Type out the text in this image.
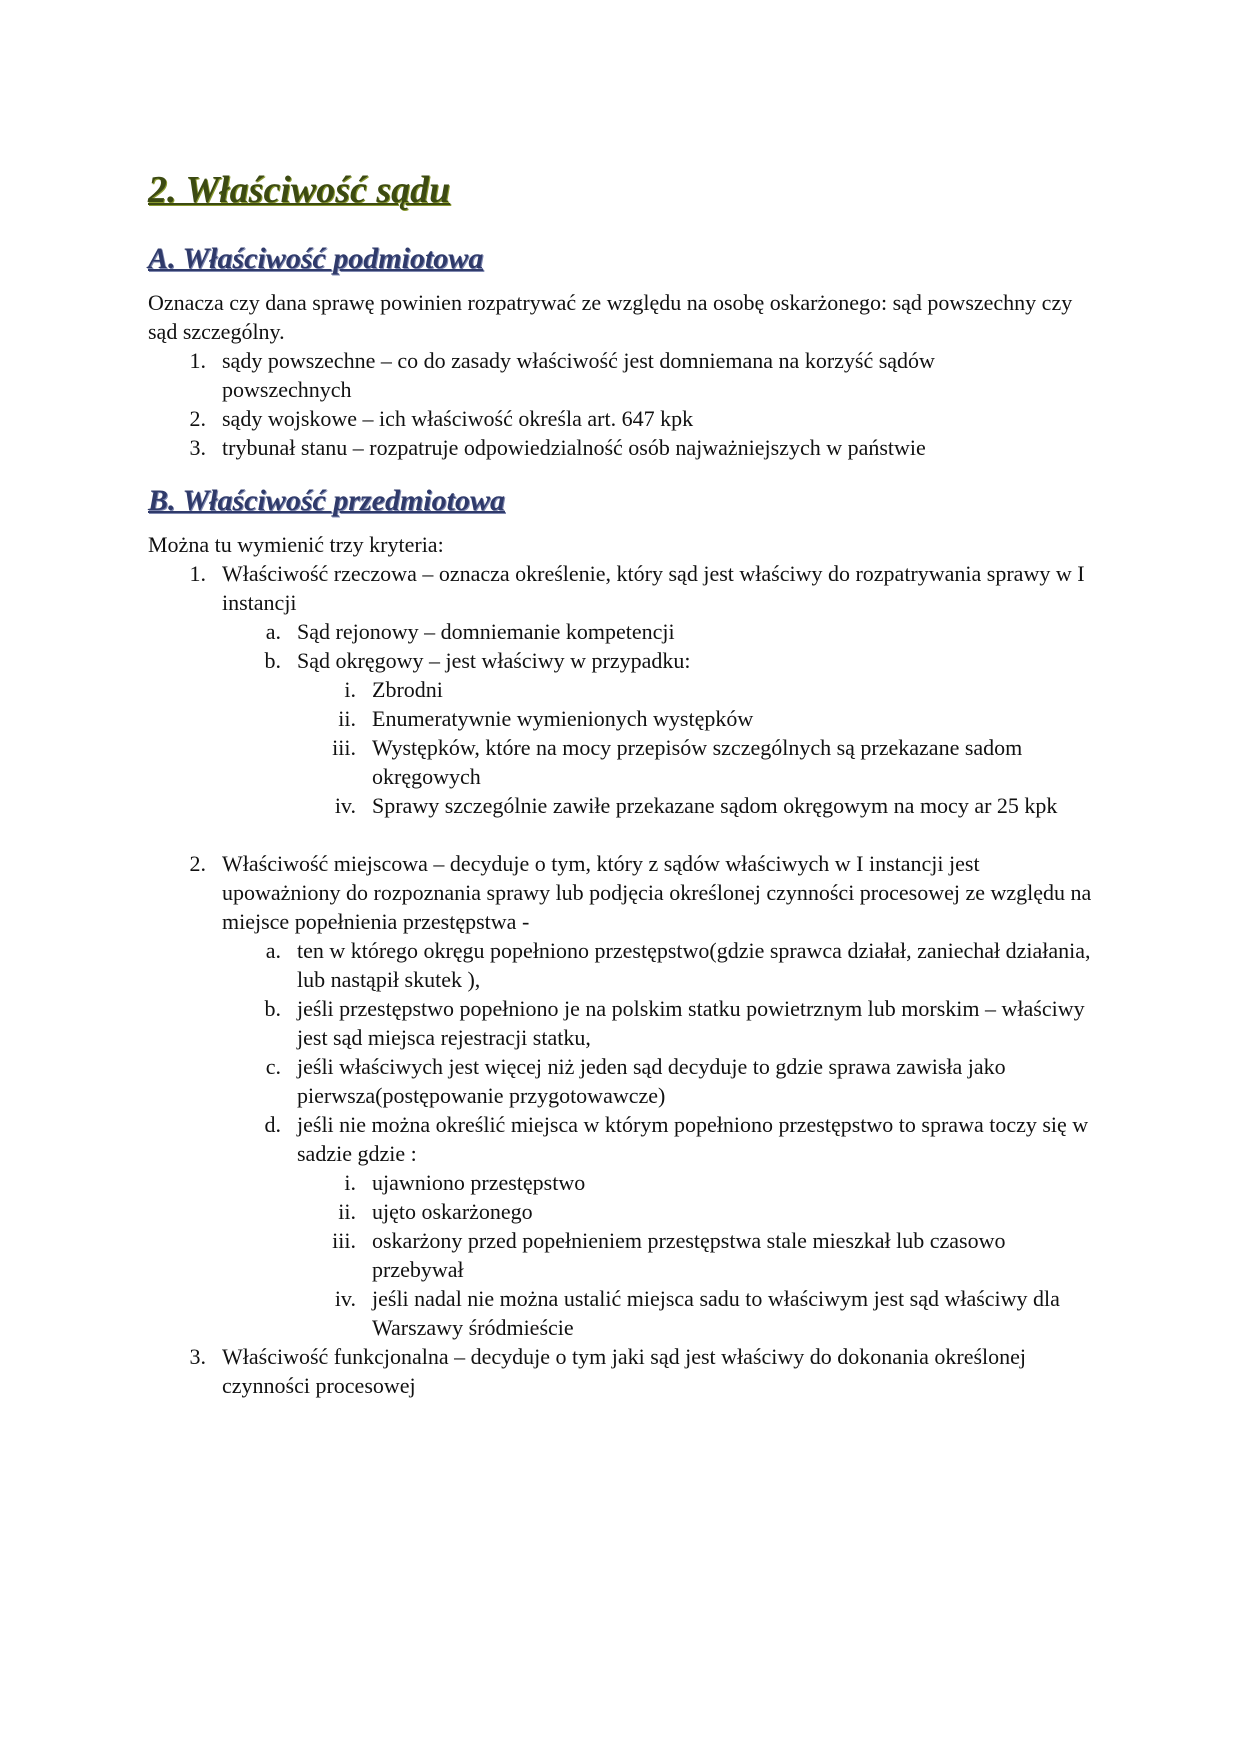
2. Właściwość sądu
A. Właściwość podmiotowa

Oznacza czy dana sprawę powinien rozpatrywać ze względu na osobę oskarżonego: sąd powszechny czy sąd szczególny.

1. sądy powszechne – co do zasady właściwość jest domniemana na korzyść sądów powszechnych
2. sądy wojskowe – ich właściwość określa art. 647 kpk
3. trybunał stanu – rozpatruje odpowiedzialność osób najważniejszych w państwie
B. Właściwość przedmiotowa

Można tu wymienić trzy kryteria:

1. Właściwość rzeczowa – oznacza określenie, który sąd jest właściwy do rozpatrywania sprawy w I instancji
a. Sąd rejonowy – domniemanie kompetencji
b. Sąd okręgowy – jest właściwy w przypadku:
i. Zbrodni
ii. Enumeratywnie wymienionych występków
iii. Występków, które na mocy przepisów szczególnych są przekazane sadom okręgowych
iv. Sprawy szczególnie zawiłe przekazane sądom okręgowym na mocy ar 25 kpk
2. Właściwość miejscowa – decyduje o tym, który z sądów właściwych w I instancji jest upoważniony do rozpoznania sprawy lub podjęcia określonej czynności procesowej ze względu na miejsce popełnienia przestępstwa -
a. ten w którego okręgu popełniono przestępstwo(gdzie sprawca działał, zaniechał działania, lub nastąpił skutek ),
b. jeśli przestępstwo popełniono je na polskim statku powietrznym lub morskim – właściwy jest sąd miejsca rejestracji statku,
c. jeśli właściwych jest więcej niż jeden sąd decyduje to gdzie sprawa zawisła jako pierwsza(postępowanie przygotowawcze)
d. jeśli nie można określić miejsca w którym popełniono przestępstwo to sprawa toczy się w sadzie gdzie :
i. ujawniono przestępstwo
ii. ujęto oskarżonego
iii. oskarżony przed popełnieniem przestępstwa stale mieszkał lub czasowo przebywał
iv. jeśli nadal nie można ustalić miejsca sadu to właściwym jest sąd właściwy dla Warszawy śródmieście
3. Właściwość funkcjonalna – decyduje o tym jaki sąd jest właściwy do dokonania określonej czynności procesowej
